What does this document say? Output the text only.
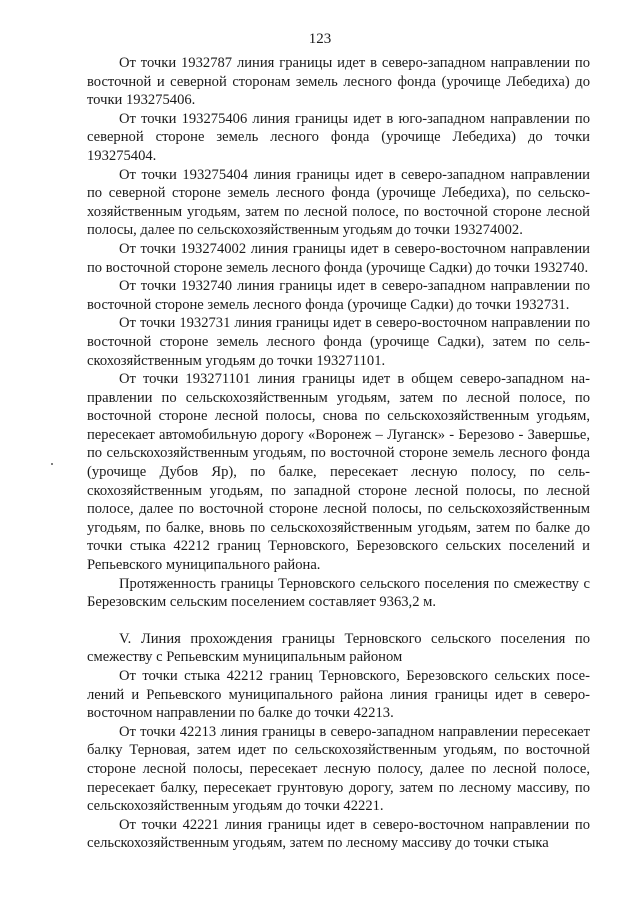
123

От точки 1932787 линия границы идет в северо-западном направлении по восточной и северной сторонам земель лесного фонда (урочище Лебедиха) до точки 193275406.

От точки 193275406 линия границы идет в юго-западном направлении по северной стороне земель лесного фонда (урочище Лебедиха) до точки 193275404.

От точки 193275404 линия границы идет в северо-западном направлении по северной стороне земель лесного фонда (урочище Лебедиха), по сельскохозяйственным угодьям, затем по лесной полосе, по восточной стороне лесной полосы, далее по сельскохозяйственным угодьям до точки 193274002.

От точки 193274002 линия границы идет в северо-восточном направлении по восточной стороне земель лесного фонда (урочище Садки) до точки 1932740.

От точки 1932740 линия границы идет в северо-западном направлении по восточной стороне земель лесного фонда (урочище Садки) до точки 1932731.

От точки 1932731 линия границы идет в северо-восточном направлении по восточной стороне земель лесного фонда (урочище Садки), затем по сельскохозяйственным угодьям до точки 193271101.

От точки 193271101 линия границы идет в общем северо-западном направлении по сельскохозяйственным угодьям, затем по лесной полосе, по восточной стороне лесной полосы, снова по сельскохозяйственным угодьям, пересекает автомобильную дорогу «Воронеж – Луганск» - Березово - Завершье, по сельскохозяйственным угодьям, по восточной стороне земель лесного фонда (урочище Дубов Яр), по балке, пересекает лесную полосу, по сельскохозяйственным угодьям, по западной стороне лесной полосы, по лесной полосе, далее по восточной стороне лесной полосы, по сельскохозяйственным угодьям, по балке, вновь по сельскохозяйственным угодьям, затем по балке до точки стыка 42212 границ Терновского, Березовского сельских поселений и Репьевского муниципального района.

Протяженность границы Терновского сельского поселения по смежеству с Березовским сельским поселением составляет 9363,2 м.

V. Линия прохождения границы Терновского сельского поселения по смежеству с Репьевским муниципальным районом

От точки стыка 42212 границ Терновского, Березовского сельских поселений и Репьевского муниципального района линия границы идет в северо-восточном направлении по балке до точки 42213.

От точки 42213 линия границы в северо-западном направлении пересекает балку Терновая, затем идет по сельскохозяйственным угодьям, по восточной стороне лесной полосы, пересекает лесную полосу, далее по лесной полосе, пересекает балку, пересекает грунтовую дорогу, затем по лесному массиву, по сельскохозяйственным угодьям до точки 42221.

От точки 42221 линия границы идет в северо-восточном направлении по сельскохозяйственным угодьям, затем по лесному массиву до точки стыка
